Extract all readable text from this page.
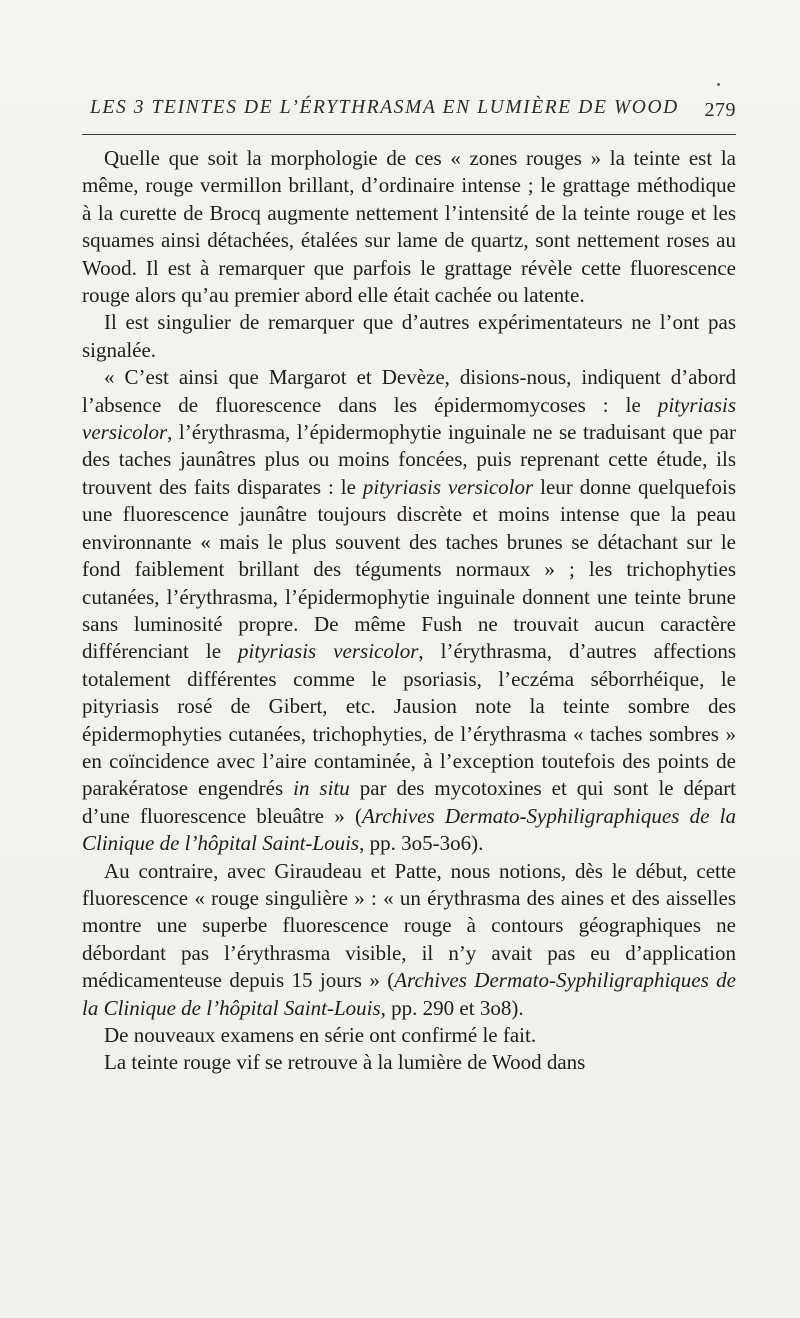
LES 3 TEINTES DE L’ÉRYTHRASMA EN LUMIÈRE DE WOOD 279

Quelle que soit la morphologie de ces « zones rouges » la teinte est la même, rouge vermillon brillant, d’ordinaire intense ; le grattage méthodique à la curette de Brocq augmente nettement l’intensité de la teinte rouge et les squames ainsi détachées, étalées sur lame de quartz, sont nettement roses au Wood. Il est à remarquer que parfois le grattage révèle cette fluorescence rouge alors qu’au premier abord elle était cachée ou latente.

Il est singulier de remarquer que d’autres expérimentateurs ne l’ont pas signalée.

« C’est ainsi que Margarot et Devèze, disions-nous, indiquent d’abord l’absence de fluorescence dans les épidermomycoses : le pityriasis versicolor, l’érythrasma, l’épidermophytie inguinale ne se traduisant que par des taches jaunâtres plus ou moins foncées, puis reprenant cette étude, ils trouvent des faits disparates : le pityriasis versicolor leur donne quelquefois une fluorescence jaunâtre toujours discrète et moins intense que la peau environnante « mais le plus souvent des taches brunes se détachant sur le fond faiblement brillant des téguments normaux » ; les trichophyties cutanées, l’érythrasma, l’épidermophytie inguinale donnent une teinte brune sans luminosité propre. De même Fush ne trouvait aucun caractère différenciant le pityriasis versicolor, l’érythrasma, d’autres affections totalement différentes comme le psoriasis, l’eczéma séborrhéique, le pityriasis rosé de Gibert, etc. Jausion note la teinte sombre des épidermophyties cutanées, trichophyties, de l’érythrasma « taches sombres » en coïncidence avec l’aire contaminée, à l’exception toutefois des points de parakératose engendrés in situ par des mycotoxines et qui sont le départ d’une fluorescence bleuâtre » (Archives Dermato-Syphiligraphiques de la Clinique de l’hôpital Saint-Louis, pp. 3o5-3o6).

Au contraire, avec Giraudeau et Patte, nous notions, dès le début, cette fluorescence « rouge singulière » : « un érythrasma des aines et des aisselles montre une superbe fluorescence rouge à contours géographiques ne débordant pas l’érythrasma visible, il n’y avait pas eu d’application médicamenteuse depuis 15 jours » (Archives Dermato-Syphiligraphiques de la Clinique de l’hôpital Saint-Louis, pp. 290 et 3o8).

De nouveaux examens en série ont confirmé le fait.

La teinte rouge vif se retrouve à la lumière de Wood dans
